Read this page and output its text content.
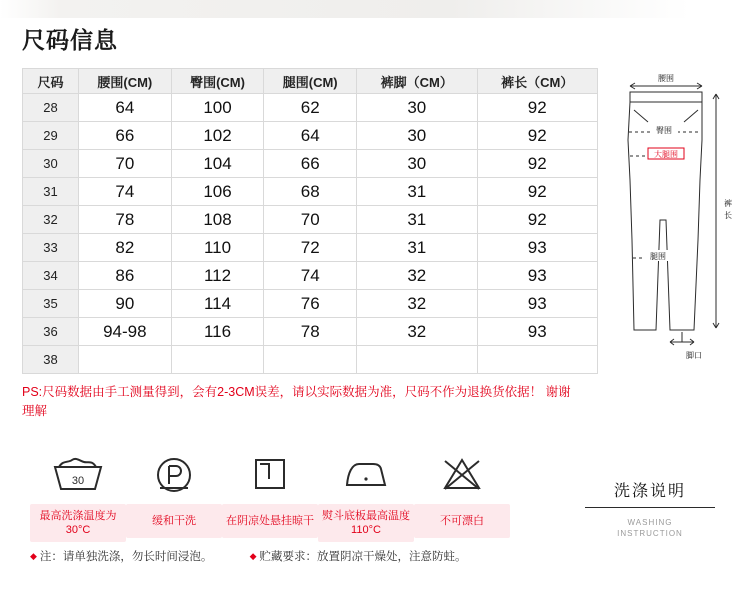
尺码信息
尺码	腰围(CM)	臀围(CM)	腿围(CM)	裤脚（CM）	裤长（CM）
28	64	100	62	30	92
29	66	102	64	30	92
30	70	104	66	30	92
31	74	106	68	31	92
32	78	108	70	31	92
33	82	110	72	31	93
34	86	112	74	32	93
35	90	114	76	32	93
36	94-98	116	78	32	93
38					
PS:尺码数据由手工测量得到，会有2-3CM误差，请以实际数据为准，尺码不作为退换货依据！ 谢谢理解
腰围
臀围
大腿围
腿围
裤
长
脚口
30
最高洗涤温度为30°C
缓和干洗	在阴凉处悬挂晾干 熨斗底板最高温度110°C
不可漂白
洗涤说明
WASHING
INSTRUCTION
◆ 注：请单独洗涤，勿长时间浸泡。	◆ 贮藏要求：放置阴凉干燥处，注意防蛀。
